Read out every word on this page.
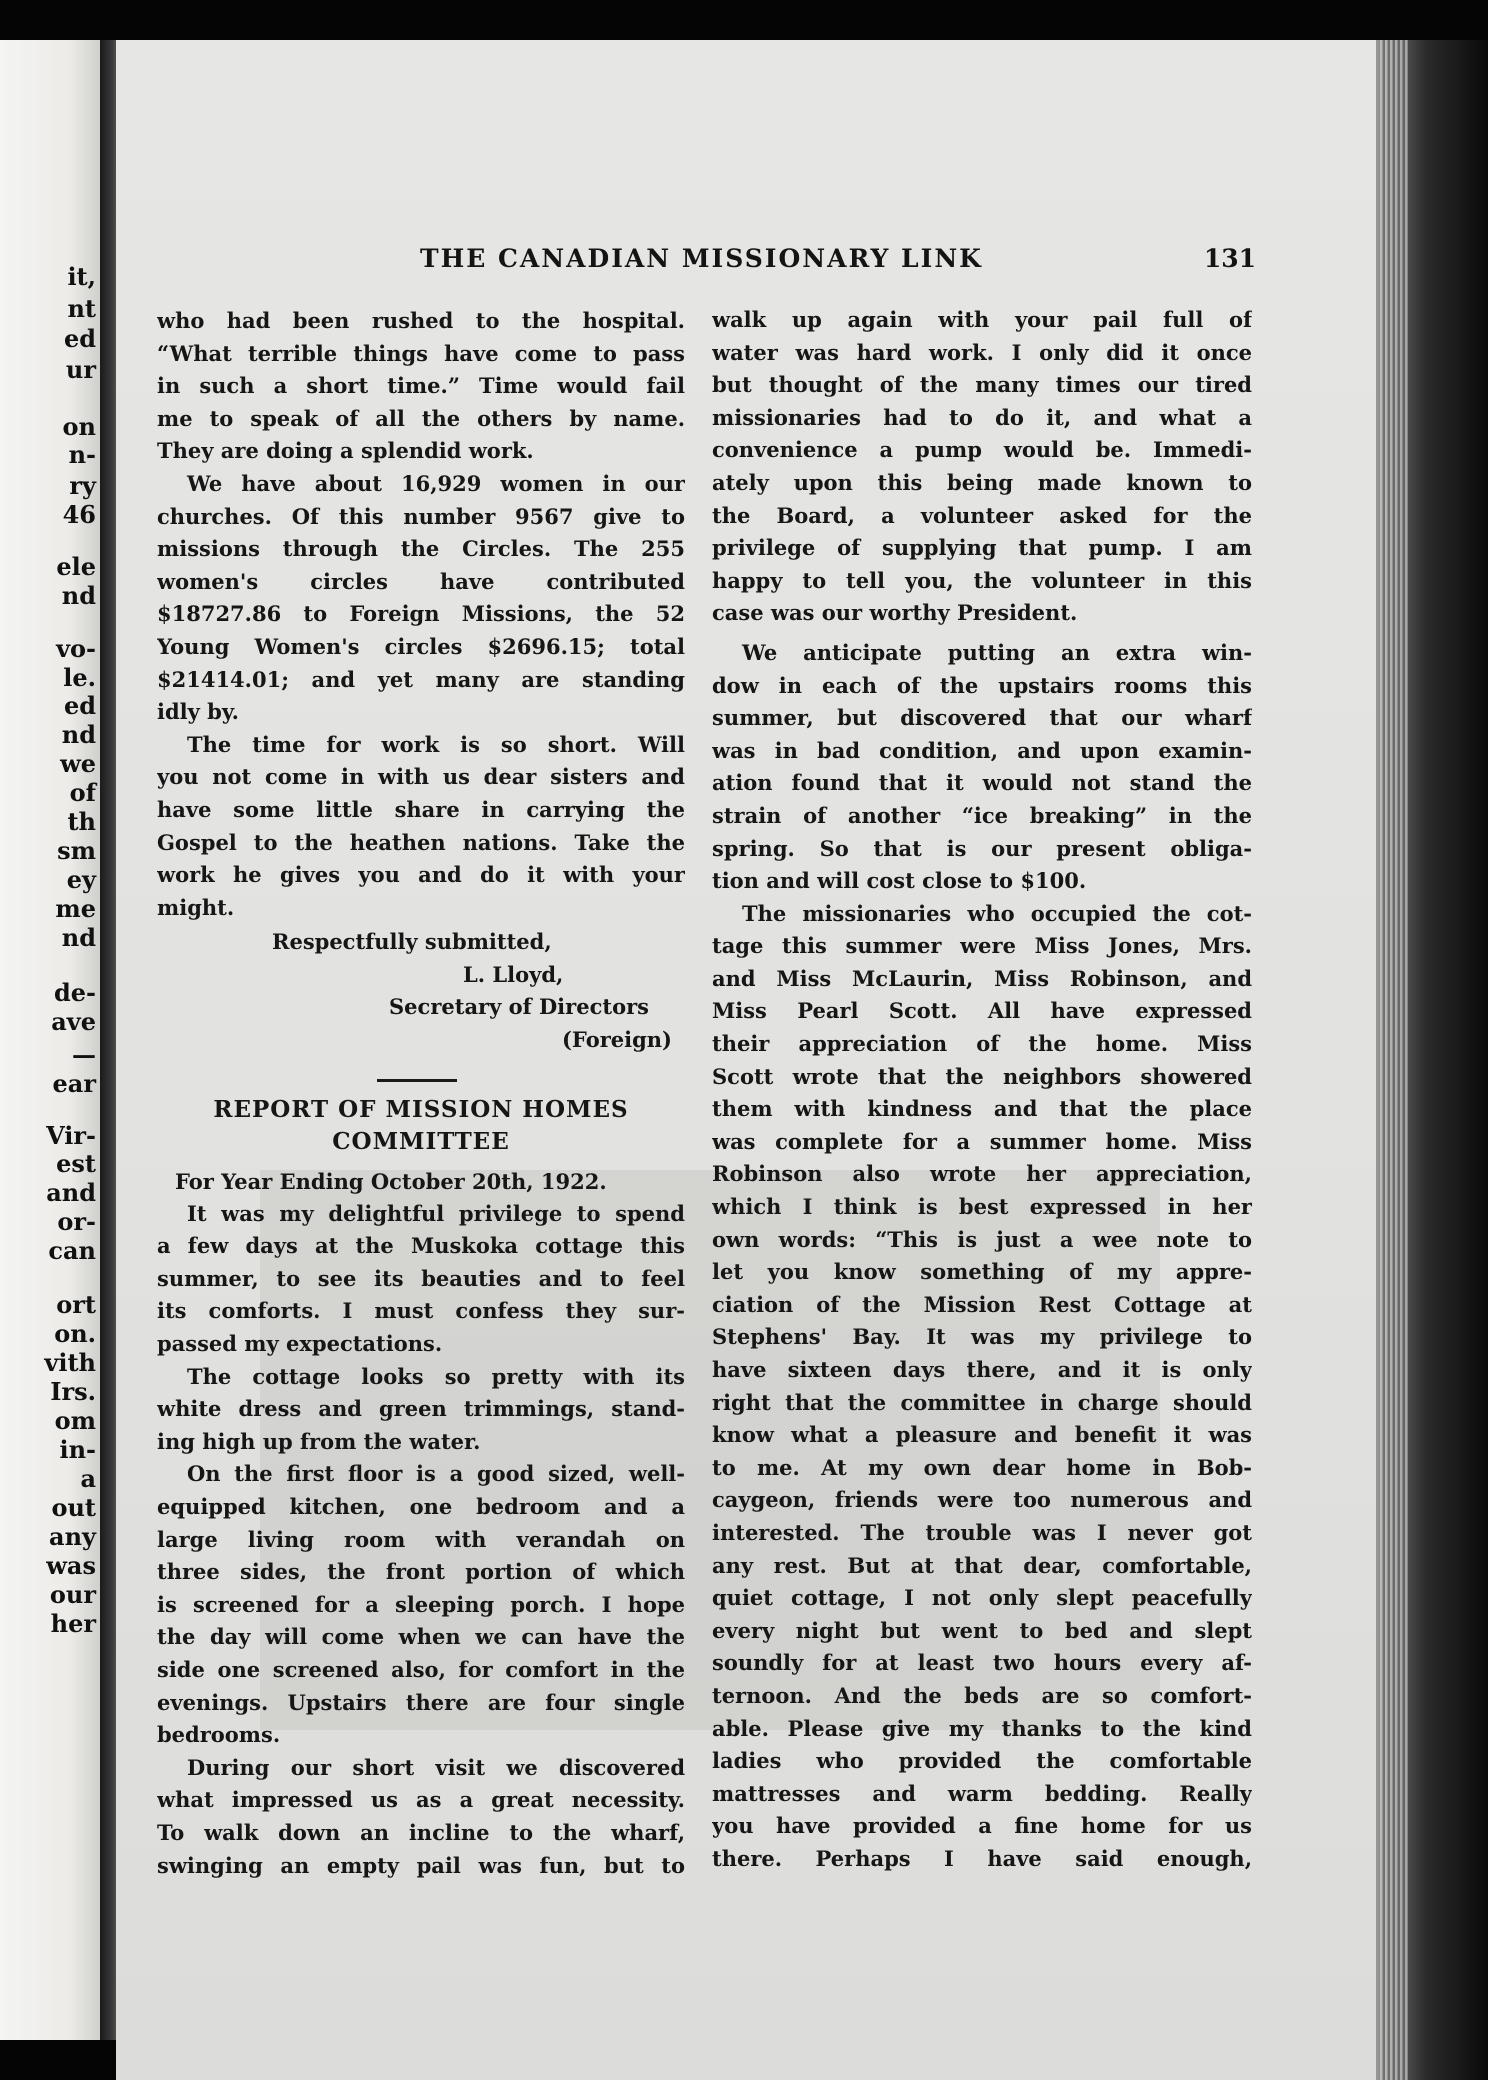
it,

nt

ed

ur

on

n-

ry

46

ele

nd

vo-

le.

ed

nd

we

of

th

sm

ey

me

nd

de-

ave

—

ear

Vir-

est

and

or-

can

ort

on.

vith

Irs.

om

in-

a

out

any

was

our

her

THE CANADIAN MISSIONARY LINK	131

who had been rushed to the hospital.

“What terrible things have come to pass

in such a short time.” Time would fail

me to speak of all the others by name.

They are doing a splendid work.

We have about 16,929 women in our

churches. Of this number 9567 give to

missions through the Circles. The 255

women's circles have contributed

$18727.86 to Foreign Missions, the 52

Young Women's circles $2696.15; total

$21414.01; and yet many are standing

idly by.

The time for work is so short. Will

you not come in with us dear sisters and

have some little share in carrying the

Gospel to the heathen nations. Take the

work he gives you and do it with your

might.

Respectfully submitted,

L. Lloyd,

Secretary of Directors

(Foreign)

REPORT OF MISSION HOMES

COMMITTEE

For Year Ending October 20th, 1922.

It was my delightful privilege to spend

a few days at the Muskoka cottage this

summer, to see its beauties and to feel

its comforts. I must confess they sur-

passed my expectations.

The cottage looks so pretty with its

white dress and green trimmings, stand-

ing high up from the water.

On the first floor is a good sized, well-

equipped kitchen, one bedroom and a

large living room with verandah on

three sides, the front portion of which

is screened for a sleeping porch. I hope

the day will come when we can have the

side one screened also, for comfort in the

evenings. Upstairs there are four single

bedrooms.

During our short visit we discovered

what impressed us as a great necessity.

To walk down an incline to the wharf,

swinging an empty pail was fun, but to

walk up again with your pail full of

water was hard work. I only did it once

but thought of the many times our tired

missionaries had to do it, and what a

convenience a pump would be. Immedi-

ately upon this being made known to

the Board, a volunteer asked for the

privilege of supplying that pump. I am

happy to tell you, the volunteer in this

case was our worthy President.

We anticipate putting an extra win-

dow in each of the upstairs rooms this

summer, but discovered that our wharf

was in bad condition, and upon examin-

ation found that it would not stand the

strain of another “ice breaking” in the

spring. So that is our present obliga-

tion and will cost close to $100.

The missionaries who occupied the cot-

tage this summer were Miss Jones, Mrs.

and Miss McLaurin, Miss Robinson, and

Miss Pearl Scott. All have expressed

their appreciation of the home. Miss

Scott wrote that the neighbors showered

them with kindness and that the place

was complete for a summer home. Miss

Robinson also wrote her appreciation,

which I think is best expressed in her

own words: “This is just a wee note to

let you know something of my appre-

ciation of the Mission Rest Cottage at

Stephens' Bay. It was my privilege to

have sixteen days there, and it is only

right that the committee in charge should

know what a pleasure and benefit it was

to me. At my own dear home in Bob-

caygeon, friends were too numerous and

interested. The trouble was I never got

any rest. But at that dear, comfortable,

quiet cottage, I not only slept peacefully

every night but went to bed and slept

soundly for at least two hours every af-

ternoon. And the beds are so comfort-

able. Please give my thanks to the kind

ladies who provided the comfortable

mattresses and warm bedding. Really

you have provided a fine home for us

there. Perhaps I have said enough,
